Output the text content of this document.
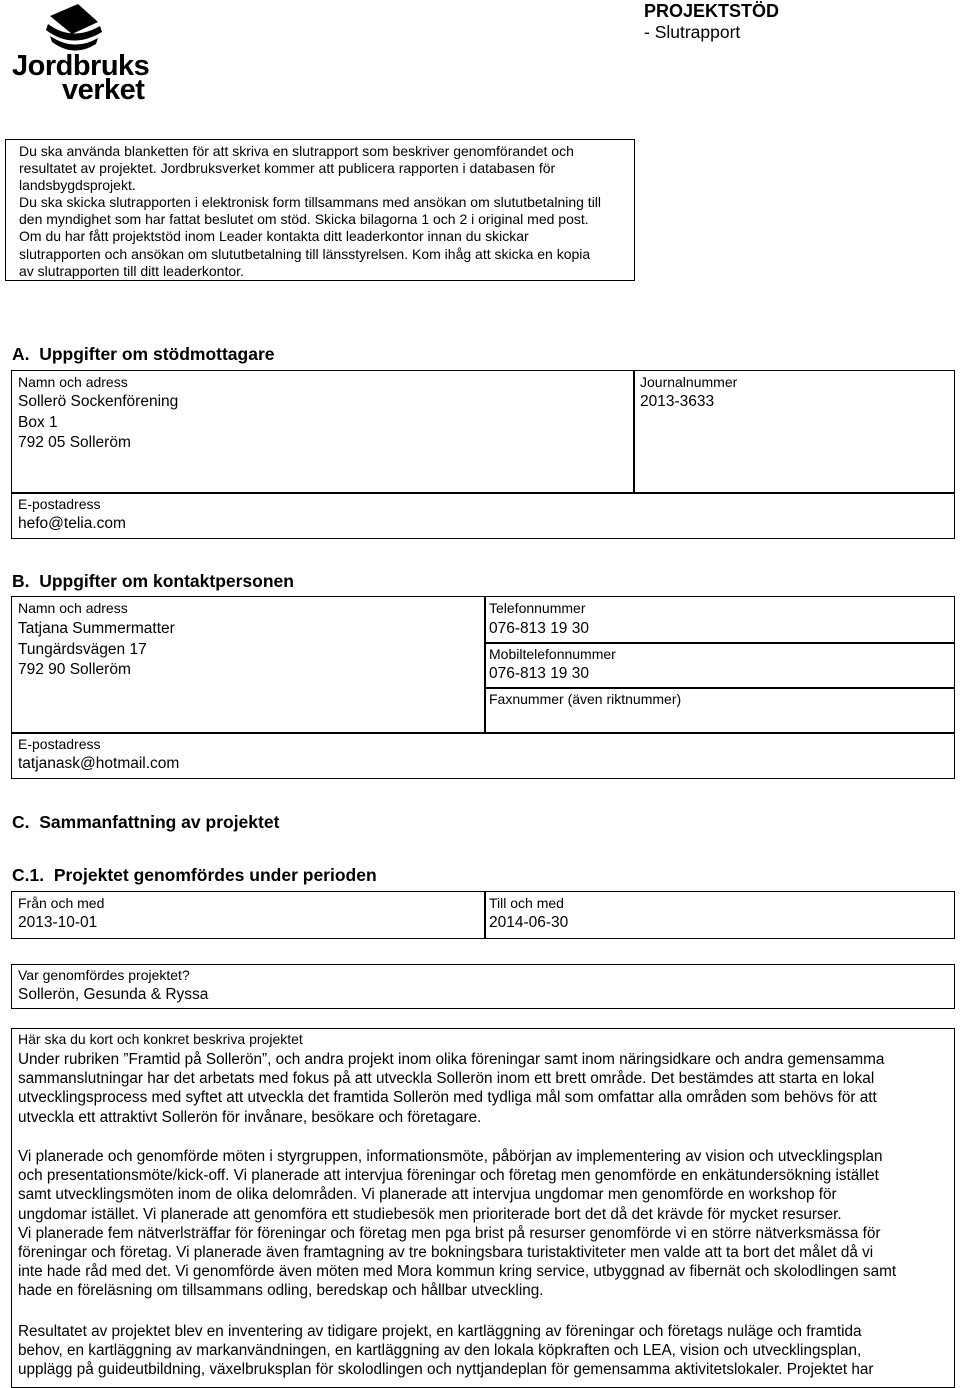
Jordbruks
verket
PROJEKTSTÖD
- Slutrapport
Du ska använda blanketten för att skriva en slutrapport som beskriver genomförandet och
resultatet av projektet. Jordbruksverket kommer att publicera rapporten i databasen för
landsbygdsprojekt.
Du ska skicka slutrapporten i elektronisk form tillsammans med ansökan om slututbetalning till
den myndighet som har fattat beslutet om stöd. Skicka bilagorna 1 och 2 i original med post.
Om du har fått projektstöd inom Leader kontakta ditt leaderkontor innan du skickar
slutrapporten och ansökan om slututbetalning till länsstyrelsen. Kom ihåg att skicka en kopia
av slutrapporten till ditt leaderkontor.
A.  Uppgifter om stödmottagare
Namn och adress
Sollerö Sockenförening
Box 1
792 05 Solleröm
Journalnummer
2013-3633
E-postadress
hefo@telia.com
B.  Uppgifter om kontaktpersonen
Namn och adress
Tatjana Summermatter
Tungärdsvägen 17
792 90 Solleröm
Telefonnummer
076-813 19 30
Mobiltelefonnummer
076-813 19 30
Faxnummer (även riktnummer)
E-postadress
tatjanask@hotmail.com
C.  Sammanfattning av projektet
C.1.  Projektet genomfördes under perioden
Från och med
2013-10-01
Till och med
2014-06-30
Var genomfördes projektet?
Sollerön, Gesunda & Ryssa
Här ska du kort och konkret beskriva projektet
Under rubriken ”Framtid på Sollerön”, och andra projekt inom olika föreningar samt inom näringsidkare och andra gemensamma
sammanslutningar har det arbetats med fokus på att utveckla Sollerön inom ett brett område. Det bestämdes att starta en lokal
utvecklingsprocess med syftet att utveckla det framtida Sollerön med tydliga mål som omfattar alla områden som behövs för att
utveckla ett attraktivt Sollerön för invånare, besökare och företagare.
Vi planerade och genomförde möten i styrgruppen, informationsmöte, påbörjan av implementering av vision och utvecklingsplan
och presentationsmöte/kick-off. Vi planerade att intervjua föreningar och företag men genomförde en enkätundersökning istället
samt utvecklingsmöten inom de olika delområden. Vi planerade att intervjua ungdomar men genomförde en workshop för
ungdomar istället. Vi planerade att genomföra ett studiebesök men prioriterade bort det då det krävde för mycket resurser.
Vi planerade fem nätverlsträffar för föreningar och företag men pga brist på resurser genomförde vi en större nätverksmässa för
föreningar och företag. Vi planerade även framtagning av tre bokningsbara turistaktiviteter men valde att ta bort det målet då vi
inte hade råd med det. Vi genomförde även möten med Mora kommun kring service, utbyggnad av fibernät och skolodlingen samt
hade en föreläsning om tillsammans odling, beredskap och hållbar utveckling.
Resultatet av projektet blev en inventering av tidigare projekt, en kartläggning av föreningar och företags nuläge och framtida
behov, en kartläggning av markanvändningen, en kartläggning av den lokala köpkraften och LEA, vision och utvecklingsplan,
upplägg på guideutbildning, växelbruksplan för skolodlingen och nyttjandeplan för gemensamma aktivitetslokaler. Projektet har
